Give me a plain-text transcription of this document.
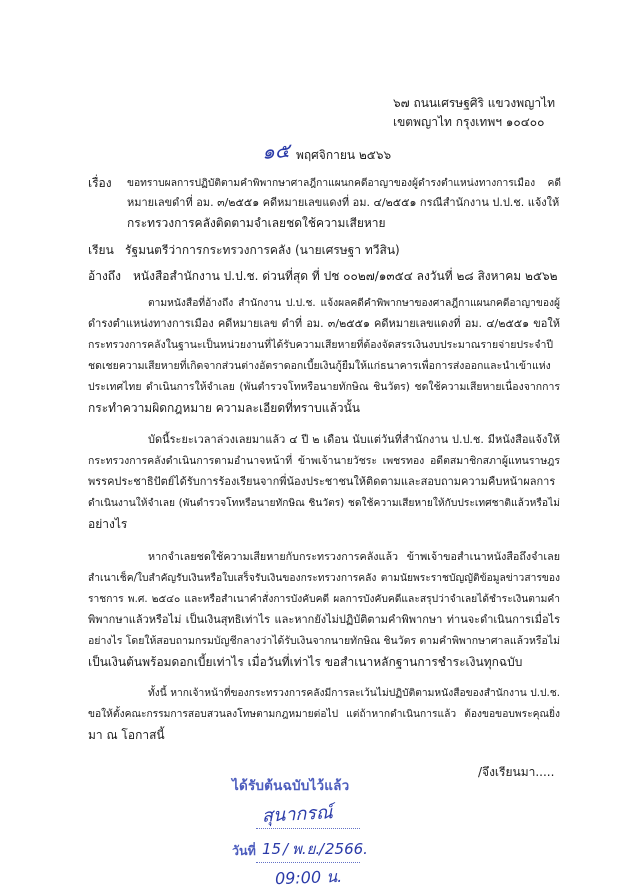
๖๗ ถนนเศรษฐศิริ แขวงพญาไท
เขตพญาไท กรุงเทพฯ ๑๐๔๐๐
๑๕ พฤศจิกายน ๒๕๖๖
เรื่อง ขอทราบผลการปฏิบัติตามคำพิพากษาศาลฎีกาแผนกคดีอาญาของผู้ดำรงตำแหน่งทางการเมือง คดี
หมายเลขดำที่ อม. ๓/๒๕๕๑ คดีหมายเลขแดงที่ อม. ๔/๒๕๕๑ กรณีสำนักงาน ป.ป.ช. แจ้งให้
กระทรวงการคลังติดตามจำเลยชดใช้ความเสียหาย
เรียน รัฐมนตรีว่าการกระทรวงการคลัง (นายเศรษฐา ทวีสิน)
อ้างถึง หนังสือสำนักงาน ป.ป.ช. ด่วนที่สุด ที่ ปช ๐๐๒๗/๑๓๕๔ ลงวันที่ ๒๘ สิงหาคม ๒๕๖๒
ตามหนังสือที่อ้างถึง สำนักงาน ป.ป.ช. แจ้งผลคดีคำพิพากษาของศาลฎีกาแผนกคดีอาญาของผู้
ดำรงตำแหน่งทางการเมือง คดีหมายเลข ดำที่ อม. ๓/๒๕๕๑ คดีหมายเลขแดงที่ อม. ๔/๒๕๕๑ ขอให้
กระทรวงการคลังในฐานะเป็นหน่วยงานที่ได้รับความเสียหายที่ต้องจัดสรรเงินงบประมาณรายจ่ายประจำปี
ชดเชยความเสียหายที่เกิดจากส่วนต่างอัตราดอกเบี้ยเงินกู้ยืมให้แก่ธนาคารเพื่อการส่งออกและนำเข้าแห่ง
ประเทศไทย ดำเนินการให้จำเลย (พันตำรวจโทหรือนายทักษิณ ชินวัตร) ชดใช้ความเสียหายเนื่องจากการ
กระทำความผิดกฎหมาย ความละเอียดที่ทราบแล้วนั้น
บัดนี้ระยะเวลาล่วงเลยมาแล้ว ๔ ปี ๒ เดือน นับแต่วันที่สำนักงาน ป.ป.ช. มีหนังสือแจ้งให้
กระทรวงการคลังดำเนินการตามอำนาจหน้าที่ ข้าพเจ้านายวัชระ เพชรทอง อดีตสมาชิกสภาผู้แทนราษฎร
พรรคประชาธิปัตย์ได้รับการร้องเรียนจากพี่น้องประชาชนให้ติดตามและสอบถามความคืบหน้าผลการ
ดำเนินงานให้จำเลย (พันตำรวจโทหรือนายทักษิณ ชินวัตร) ชดใช้ความเสียหายให้กับประเทศชาติแล้วหรือไม่
อย่างไร
หากจำเลยชดใช้ความเสียหายกับกระทรวงการคลังแล้ว ข้าพเจ้าขอสำเนาหนังสือถึงจำเลย
สำเนาเช็ค/ใบสำคัญรับเงินหรือใบเสร็จรับเงินของกระทรวงการคลัง ตามนัยพระราชบัญญัติข้อมูลข่าวสารของ
ราชการ พ.ศ. ๒๕๔๐ และหรือสำเนาคำสั่งการบังคับคดี ผลการบังคับคดีและสรุปว่าจำเลยได้ชำระเงินตามคำ
พิพากษาแล้วหรือไม่ เป็นเงินสุทธิเท่าไร และหากยังไม่ปฏิบัติตามคำพิพากษา ท่านจะดำเนินการเมื่อไร
อย่างไร โดยให้สอบถามกรมบัญชีกลางว่าได้รับเงินจากนายทักษิณ ชินวัตร ตามคำพิพากษาศาลแล้วหรือไม่
เป็นเงินต้นพร้อมดอกเบี้ยเท่าไร เมื่อวันที่เท่าไร ขอสำเนาหลักฐานการชำระเงินทุกฉบับ
ทั้งนี้ หากเจ้าหน้าที่ของกระทรวงการคลังมีการละเว้นไม่ปฏิบัติตามหนังสือของสำนักงาน ป.ป.ช.
ขอให้ตั้งคณะกรรมการสอบสวนลงโทษตามกฎหมายต่อไป แต่ถ้าหากดำเนินการแล้ว ต้องขอขอบพระคุณยิ่ง
มา ณ โอกาสนี้
/จึงเรียนมา.....
ได้รับต้นฉบับไว้แล้ว
สุนากรณ์
วันที่ 15 / พ.ย.
/ 2566.
09:00 น.
